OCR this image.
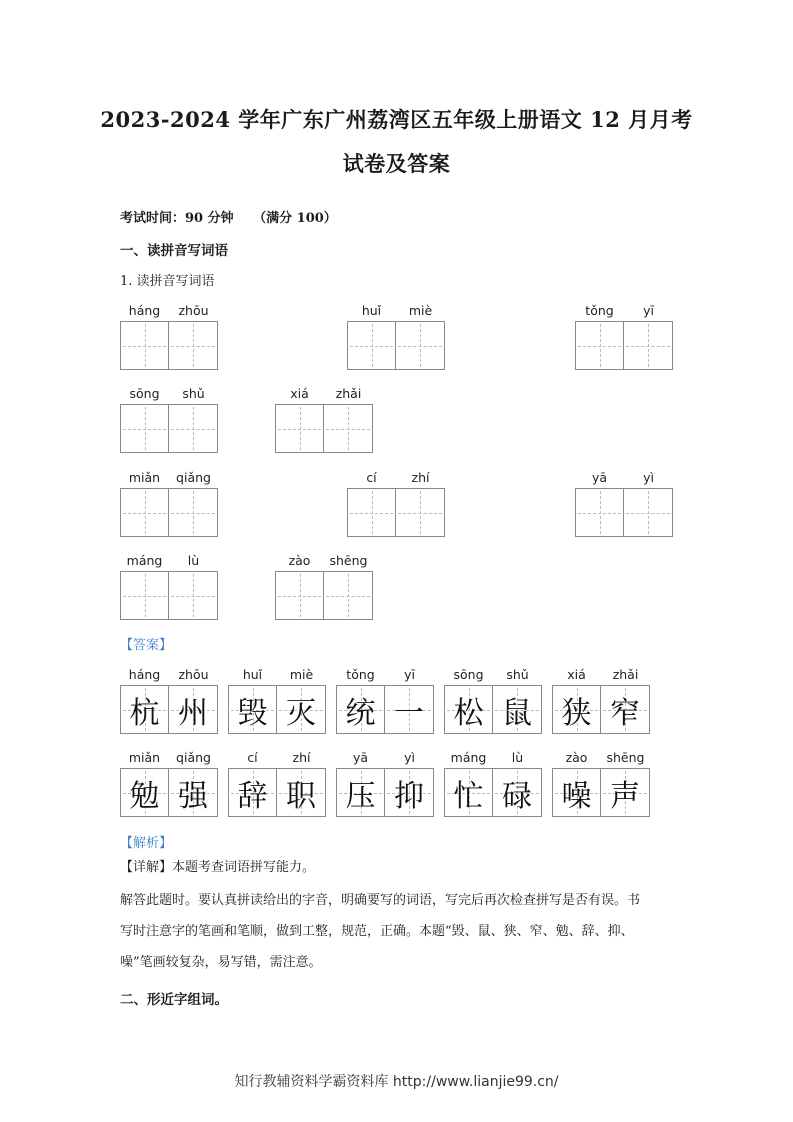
2023-2024 学年广东广州荔湾区五年级上册语文 12 月月考
试卷及答案
考试时间：90 分钟　　（满分 100）
一、读拼音写词语
1. 读拼音写词语
háng	zhōu	huǐ	miè	tǒng	yī
sōng	shǔ	xiá	zhǎi
miǎn	qiǎng	cí	zhí	yā	yì
máng	lù	zào	shēng
【答案】
háng	zhōu
杭 州
huǐ	miè
毁 灭
tǒng	yī
统 一
sōng	shǔ
松 鼠
xiá	zhǎi
狭 窄
miǎn	qiǎng
勉 强
cí	zhí
辞 职
yā	yì
压 抑
máng	lù
忙 碌
zào	shēng
噪 声
【解析】
【详解】本题考查词语拼写能力。
解答此题时。要认真拼读给出的字音，明确要写的词语，写完后再次检查拼写是否有误。书
写时注意字的笔画和笔顺，做到工整，规范，正确。本题“毁、鼠、狭、窄、勉、辞、抑、
噪”笔画较复杂，易写错，需注意。
二、形近字组词。
知行教辅资料学霸资料库 http://www.lianjie99.cn/
